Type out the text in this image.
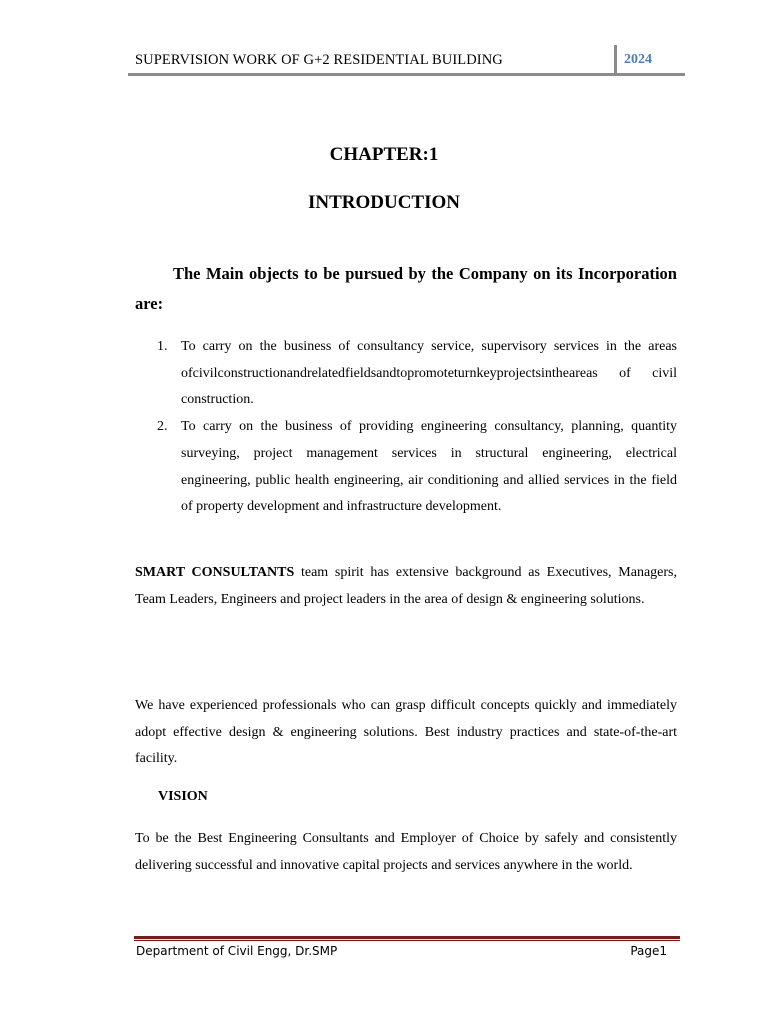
SUPERVISION WORK OF G+2 RESIDENTIAL BUILDING	2024
CHAPTER:1
INTRODUCTION
The Main objects to be pursued by the Company on its Incorporation are:
1. To carry on the business of consultancy service, supervisory services in the areas ofcivilconstructionandrelatedfieldsandtopromoteturnkeyprojectsintheareas of civil construction.
2. To carry on the business of providing engineering consultancy, planning, quantity surveying, project management services in structural engineering, electrical engineering, public health engineering, air conditioning and allied services in the field of property development and infrastructure development.
SMART CONSULTANTS team spirit has extensive background as Executives, Managers, Team Leaders, Engineers and project leaders in the area of design & engineering solutions.
We have experienced professionals who can grasp difficult concepts quickly and immediately adopt effective design & engineering solutions. Best industry practices and state-of-the-art facility.
VISION
To be the Best Engineering Consultants and Employer of Choice by safely and consistently delivering successful and innovative capital projects and services anywhere in the world.
Department of Civil Engg, Dr.SMP	Page1
